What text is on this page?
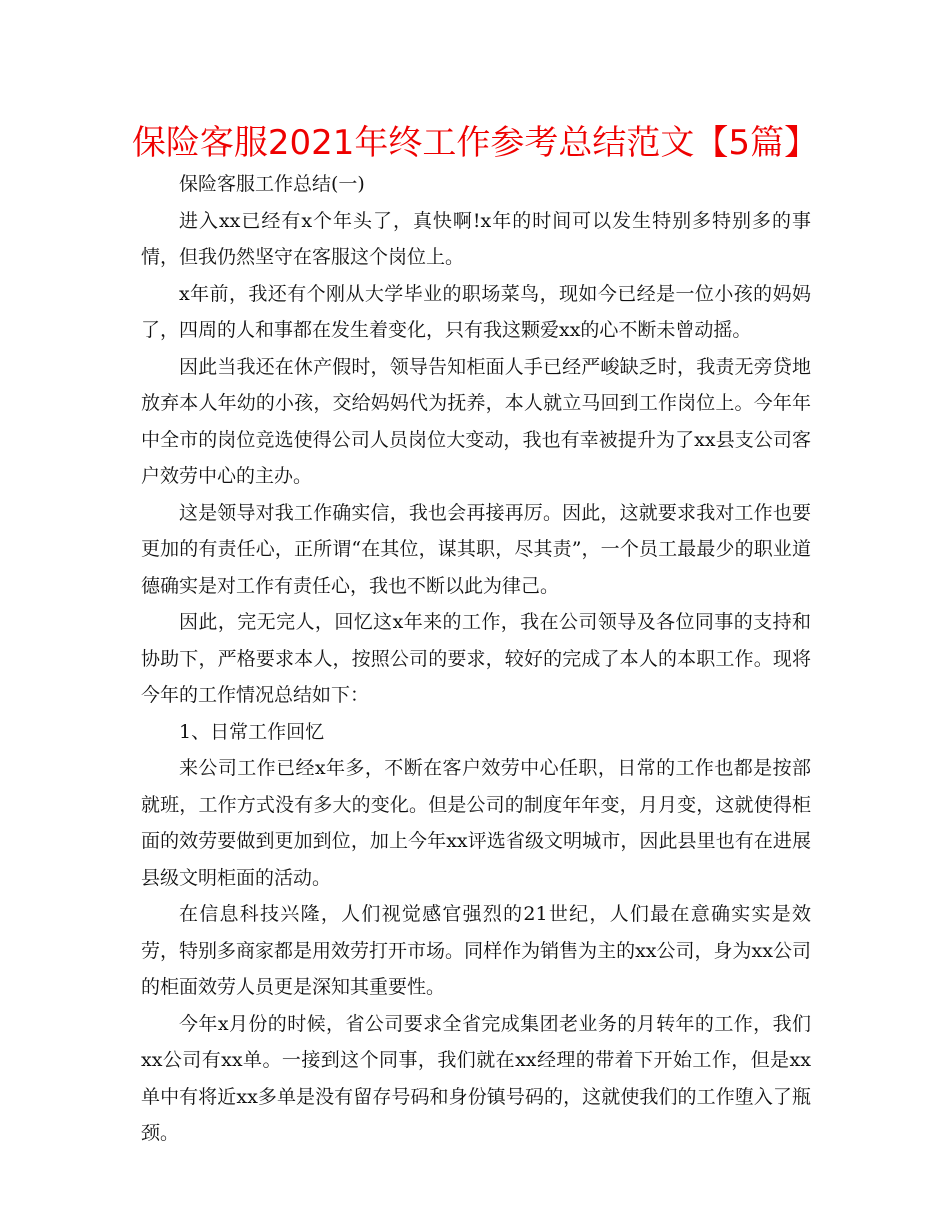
保险客服2021年终工作参考总结范文【5篇】

保险客服工作总结(一)

进入xx已经有x个年头了，真快啊!x年的时间可以发生特别多特别多的事情，但我仍然坚守在客服这个岗位上。

x年前，我还有个刚从大学毕业的职场菜鸟，现如今已经是一位小孩的妈妈了，四周的人和事都在发生着变化，只有我这颗爱xx的心不断未曾动摇。

因此当我还在休产假时，领导告知柜面人手已经严峻缺乏时，我责无旁贷地放弃本人年幼的小孩，交给妈妈代为抚养，本人就立马回到工作岗位上。今年年中全市的岗位竞选使得公司人员岗位大变动，我也有幸被提升为了xx县支公司客户效劳中心的主办。

这是领导对我工作确实信，我也会再接再厉。因此，这就要求我对工作也要更加的有责任心，正所谓“在其位，谋其职，尽其责”，一个员工最最少的职业道德确实是对工作有责任心，我也不断以此为律己。

因此，完无完人，回忆这x年来的工作，我在公司领导及各位同事的支持和协助下，严格要求本人，按照公司的要求，较好的完成了本人的本职工作。现将今年的工作情况总结如下：

1、日常工作回忆

来公司工作已经x年多，不断在客户效劳中心任职，日常的工作也都是按部就班，工作方式没有多大的变化。但是公司的制度年年变，月月变，这就使得柜面的效劳要做到更加到位，加上今年xx评选省级文明城市，因此县里也有在进展县级文明柜面的活动。

在信息科技兴隆，人们视觉感官强烈的21世纪，人们最在意确实实是效劳，特别多商家都是用效劳打开市场。同样作为销售为主的xx公司，身为xx公司的柜面效劳人员更是深知其重要性。

今年x月份的时候，省公司要求全省完成集团老业务的月转年的工作，我们xx公司有xx单。一接到这个同事，我们就在xx经理的带着下开始工作，但是xx单中有将近xx多单是没有留存号码和身份镇号码的，这就使我们的工作堕入了瓶颈。
